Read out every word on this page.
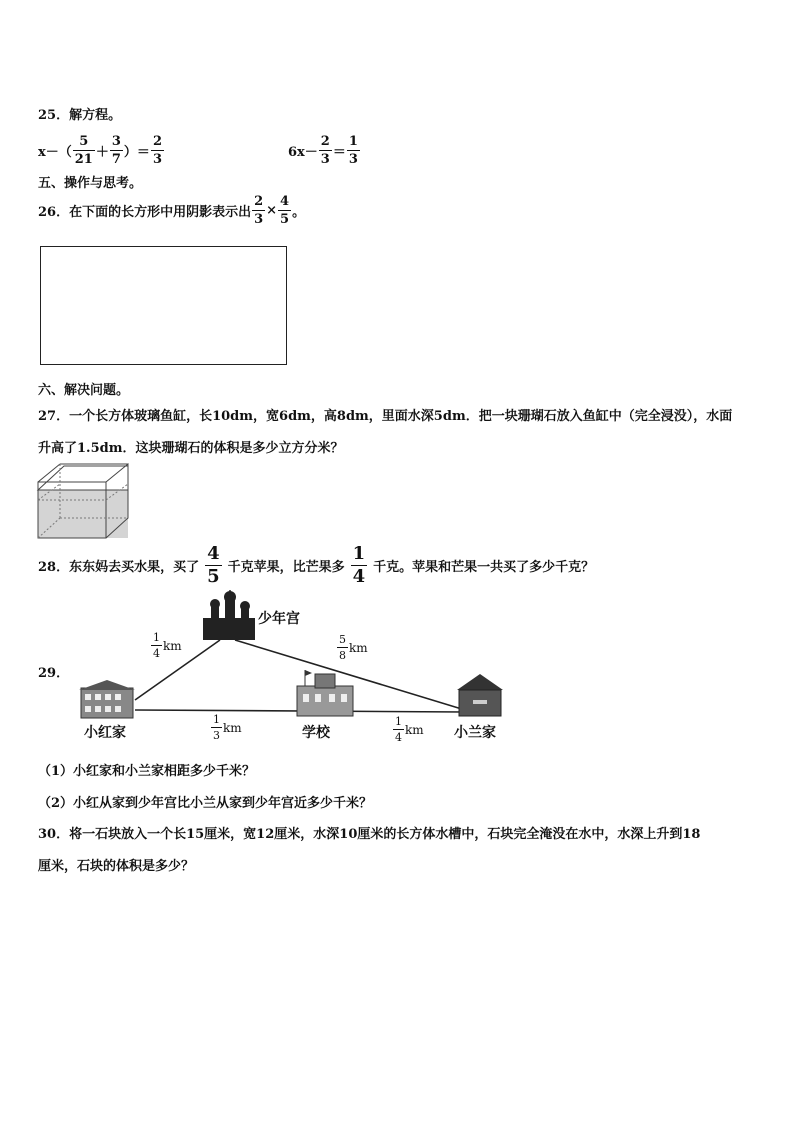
25．解方程。
$x-( \frac{5}{21} + \frac{3}{7}$ ）＝ $\frac{2}{3}$	$6x- \frac{2}{3} = \frac{1}{3}$
五、操作与思考。
26．在下面的长方形中用阴影表示出 $\frac{2}{3} \times \frac{4}{5}$ 。
六、解决问题。
27．一个长方体玻璃鱼缸，长10dm，宽6dm，高8dm，里面水深5dm．把一块珊瑚石放入鱼缸中（完全浸没），水面
升高了1.5dm．这块珊瑚石的体积是多少立方分米？
28．东东妈去买水果，买了 $\frac{4}{5}$ 千克苹果，比芒果多 $\frac{1}{4}$ 千克。苹果和芒果一共买了多少千克？
29．
少年宫
小红家	学校	小兰家
$\frac{1}{4}$ km	$\frac{5}{8}$ km
$\frac{1}{3}$ km	$\frac{1}{4}$ km
（1）小红家和小兰家相距多少千米？
（2）小红从家到少年宫比小兰从家到少年宫近多少千米？
30．将一石块放入一个长15厘米，宽12厘米，水深10厘米的长方体水槽中，石块完全淹没在水中，水深上升到18
厘米，石块的体积是多少？
